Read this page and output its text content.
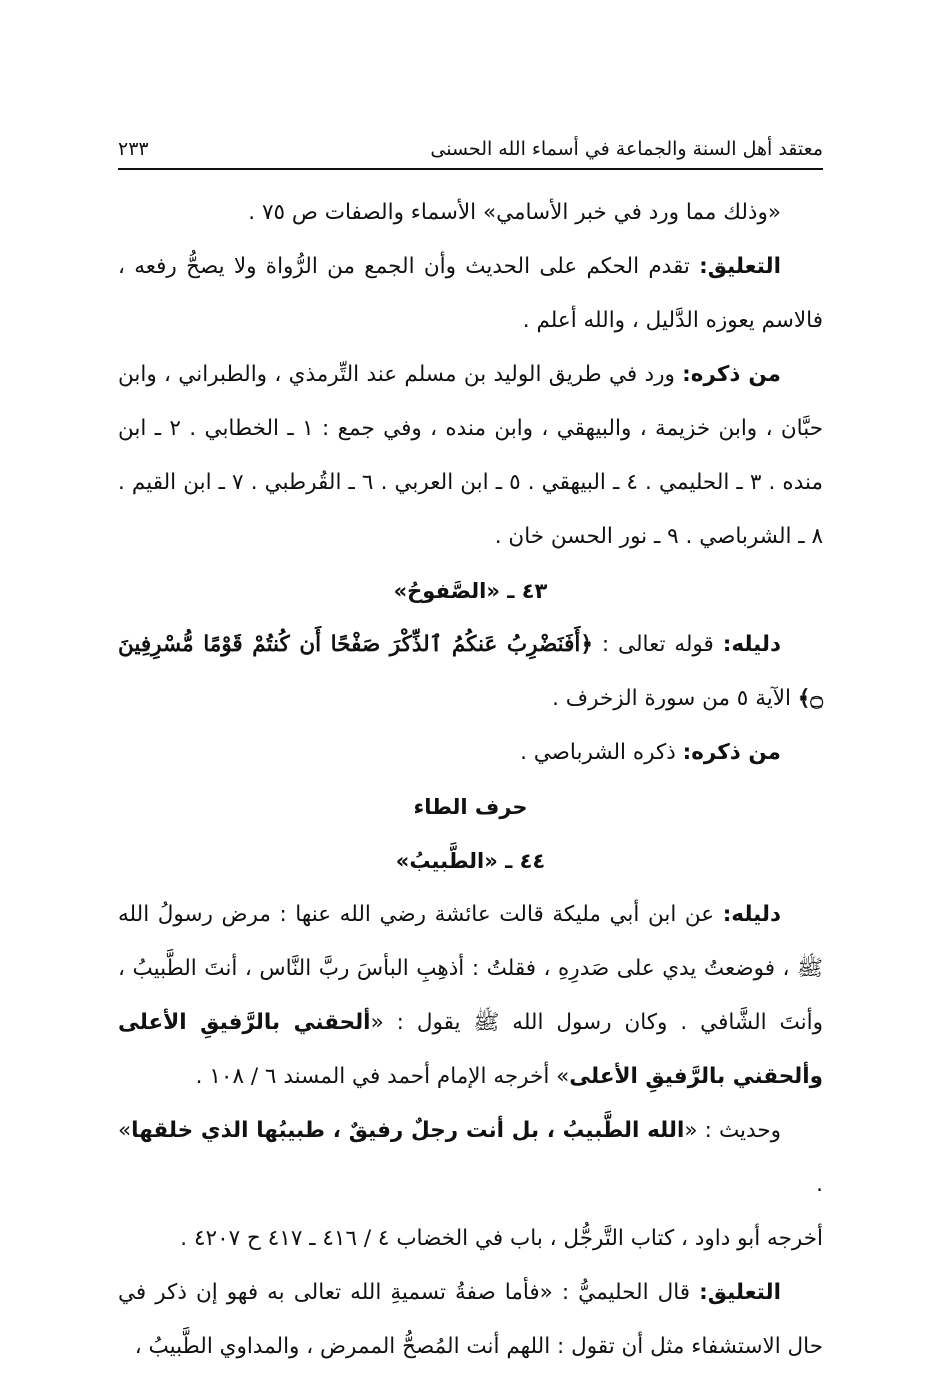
معتقد أهل السنة والجماعة في أسماء الله الحسنى
٢٣٣

«وذلك مما ورد في خبر الأسامي» الأسماء والصفات ص ٧٥ .

التعليق: تقدم الحكم على الحديث وأن الجمع من الرُّواة ولا يصحُّ رفعه ، فالاسم يعوزه الدَّليل ، والله أعلم .

من ذكره: ورد في طريق الوليد بن مسلم عند التِّرمذي ، والطبراني ، وابن حبَّان ، وابن خزيمة ، والبيهقي ، وابن منده ، وفي جمع : ١ ـ الخطابي . ٢ ـ ابن منده . ٣ ـ الحليمي . ٤ ـ البيهقي . ٥ ـ ابن العربي . ٦ ـ القُرطبي . ٧ ـ ابن القيم . ٨ ـ الشرباصي . ٩ ـ نور الحسن خان .

٤٣ ـ «الصَّفوحُ»

دليله: قوله تعالى : ﴿أَفَنَضْرِبُ عَنكُمُ ٱلذِّكْرَ صَفْحًا أَن كُنتُمْ قَوْمًا مُّسْرِفِينَ ۝﴾ الآية ٥ من سورة الزخرف .

من ذكره: ذكره الشرباصي .

حرف الطاء
٤٤ ـ «الطَّبيبُ»

دليله: عن ابن أبي مليكة قالت عائشة رضي الله عنها : مرض رسولُ الله ﷺ ، فوضعتُ يدي على صَدرِهِ ، فقلتُ : أذهِبِ البأسَ ربَّ النَّاس ، أنتَ الطَّبيبُ ، وأنتَ الشَّافي . وكان رسول الله ﷺ يقول : «ألحقني بالرَّفيقِ الأعلى وألحقني بالرَّفيقِ الأعلى» أخرجه الإمام أحمد في المسند ٦ / ١٠٨ .

وحديث : «الله الطَّبيبُ ، بل أنت رجلٌ رفيقٌ ، طبيبُها الذي خلقها» .

أخرجه أبو داود ، كتاب التَّرجُّل ، باب في الخضاب ٤ / ٤١٦ ـ ٤١٧ ح ٤٢٠٧ .

التعليق: قال الحليميُّ : «فأما صفةُ تسميةِ الله تعالى به فهو إن ذكر في حال الاستشفاء مثل أن تقول : اللهم أنت المُصحُّ الممرض ، والمداوي الطَّبيبُ ،
